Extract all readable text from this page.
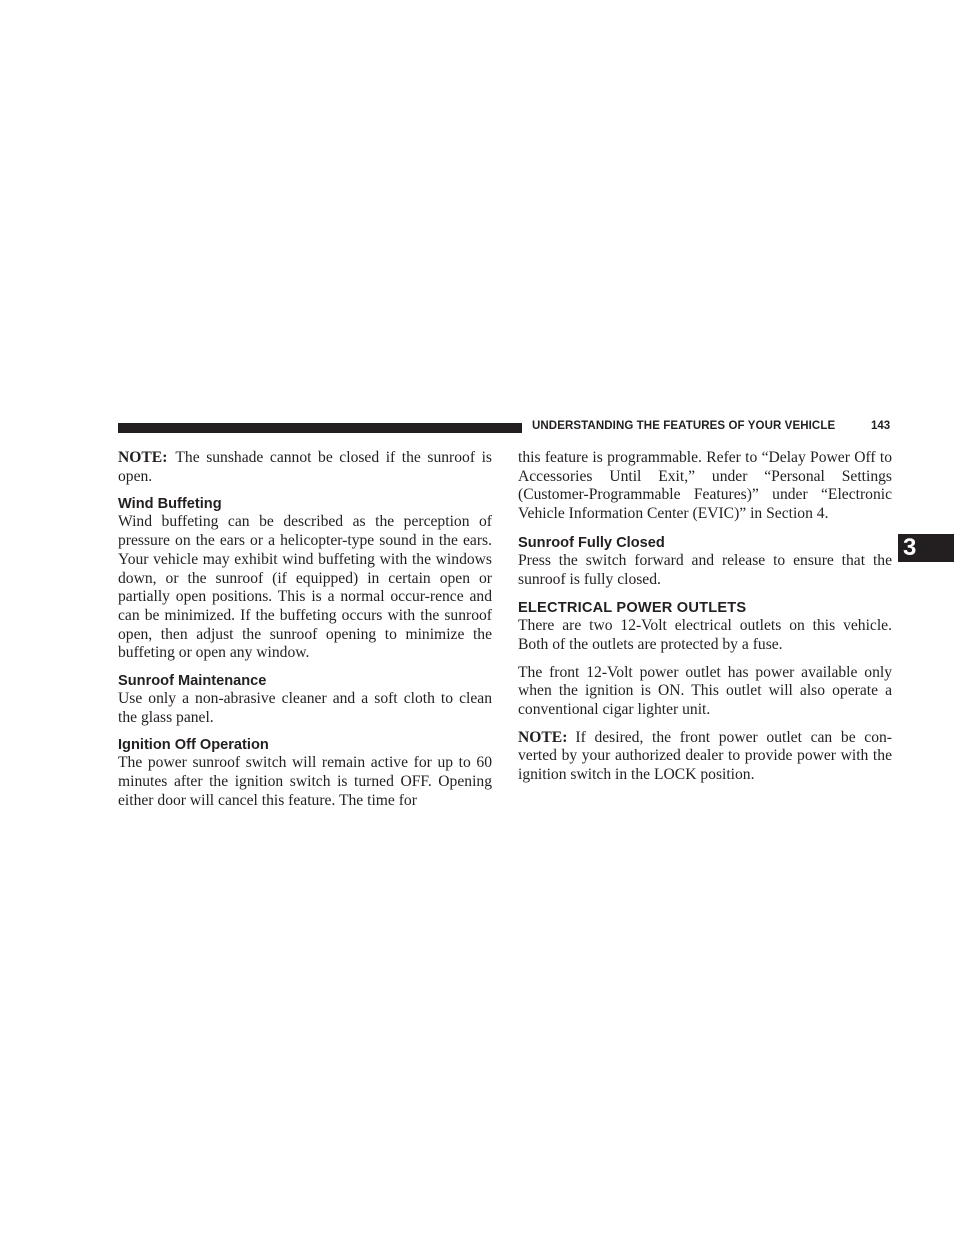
UNDERSTANDING THE FEATURES OF YOUR VEHICLE	143
3

NOTE: The sunshade cannot be closed if the sunroof is open.

Wind Buffeting

Wind buffeting can be described as the perception of pressure on the ears or a helicopter-type sound in the ears. Your vehicle may exhibit wind buffeting with the windows down, or the sunroof (if equipped) in certain open or partially open positions. This is a normal occur-rence and can be minimized. If the buffeting occurs with the sunroof open, then adjust the sunroof opening to minimize the buffeting or open any window.

Sunroof Maintenance

Use only a non-abrasive cleaner and a soft cloth to clean the glass panel.

Ignition Off Operation

The power sunroof switch will remain active for up to 60 minutes after the ignition switch is turned OFF. Opening either door will cancel this feature. The time for

this feature is programmable. Refer to “Delay Power Off to Accessories Until Exit,” under “Personal Settings (Customer-Programmable Features)” under “Electronic Vehicle Information Center (EVIC)” in Section 4.

Sunroof Fully Closed

Press the switch forward and release to ensure that the sunroof is fully closed.

ELECTRICAL POWER OUTLETS

There are two 12-Volt electrical outlets on this vehicle. Both of the outlets are protected by a fuse.

The front 12-Volt power outlet has power available only when the ignition is ON. This outlet will also operate a conventional cigar lighter unit.

NOTE: If desired, the front power outlet can be con-verted by your authorized dealer to provide power with the ignition switch in the LOCK position.
